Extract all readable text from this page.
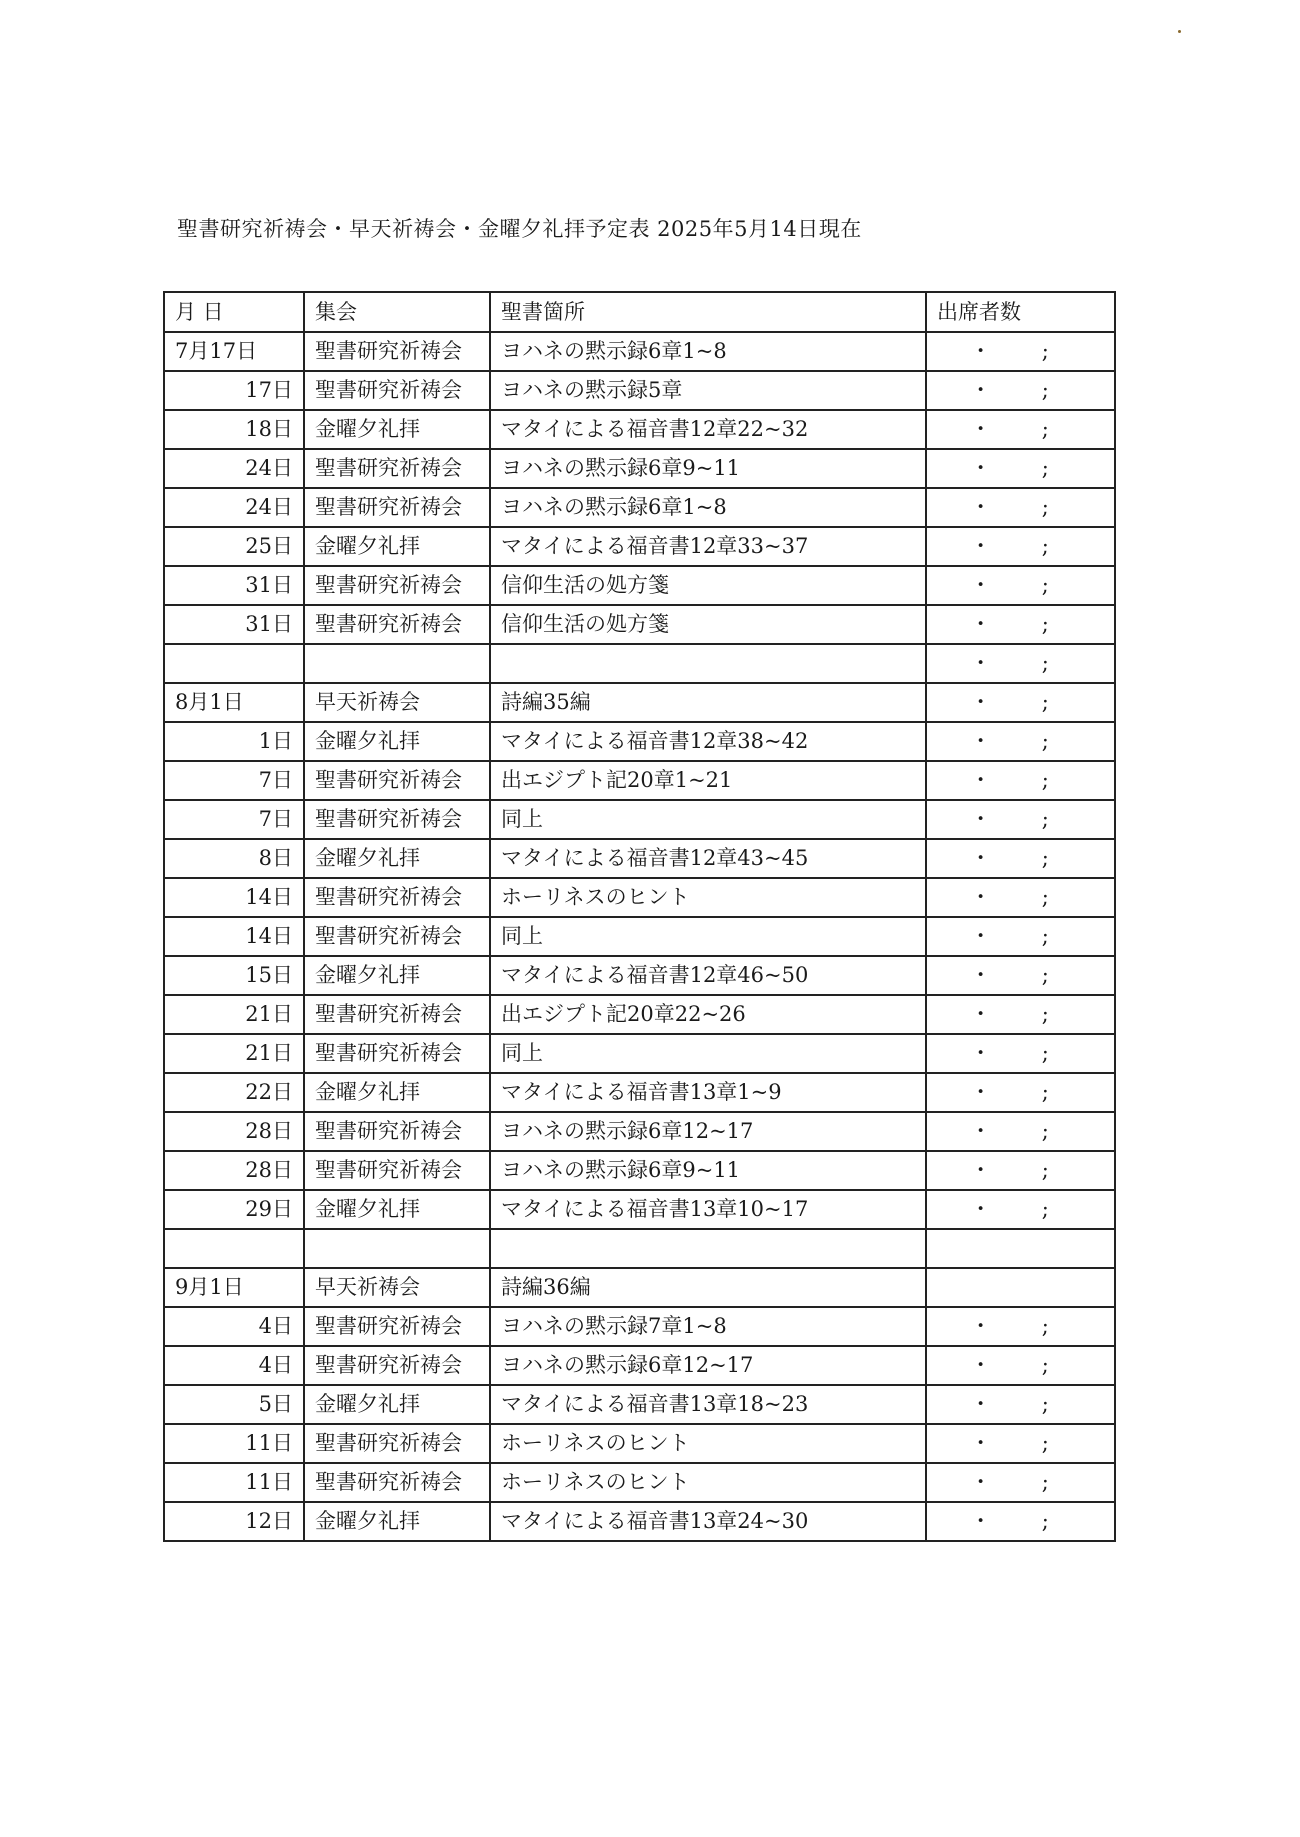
聖書研究祈祷会・早天祈祷会・金曜夕礼拝予定表 2025年5月14日現在
月 日	集会	聖書箇所	出席者数
7月17日	聖書研究祈祷会	ヨハネの黙示録6章1~8	・ ;
17日	聖書研究祈祷会	ヨハネの黙示録5章	・ ;
18日	金曜夕礼拝	マタイによる福音書12章22~32	・ ;
24日	聖書研究祈祷会	ヨハネの黙示録6章9~11	・ ;
24日	聖書研究祈祷会	ヨハネの黙示録6章1~8	・ ;
25日	金曜夕礼拝	マタイによる福音書12章33~37	・ ;
31日	聖書研究祈祷会	信仰生活の処方箋	・ ;
31日	聖書研究祈祷会	信仰生活の処方箋	・ ;
			・ ;
8月1日	早天祈祷会	詩編35編	・ ;
1日	金曜夕礼拝	マタイによる福音書12章38~42	・ ;
7日	聖書研究祈祷会	出エジプト記20章1~21	・ ;
7日	聖書研究祈祷会	同上	・ ;
8日	金曜夕礼拝	マタイによる福音書12章43~45	・ ;
14日	聖書研究祈祷会	ホーリネスのヒント	・ ;
14日	聖書研究祈祷会	同上	・ ;
15日	金曜夕礼拝	マタイによる福音書12章46~50	・ ;
21日	聖書研究祈祷会	出エジプト記20章22~26	・ ;
21日	聖書研究祈祷会	同上	・ ;
22日	金曜夕礼拝	マタイによる福音書13章1~9	・ ;
28日	聖書研究祈祷会	ヨハネの黙示録6章12~17	・ ;
28日	聖書研究祈祷会	ヨハネの黙示録6章9~11	・ ;
29日	金曜夕礼拝	マタイによる福音書13章10~17	・ ;

9月1日	早天祈祷会	詩編36編	
4日	聖書研究祈祷会	ヨハネの黙示録7章1~8	・ ;
4日	聖書研究祈祷会	ヨハネの黙示録6章12~17	・ ;
5日	金曜夕礼拝	マタイによる福音書13章18~23	・ ;
11日	聖書研究祈祷会	ホーリネスのヒント	・ ;
11日	聖書研究祈祷会	ホーリネスのヒント	・ ;
12日	金曜夕礼拝	マタイによる福音書13章24~30	・ ;
